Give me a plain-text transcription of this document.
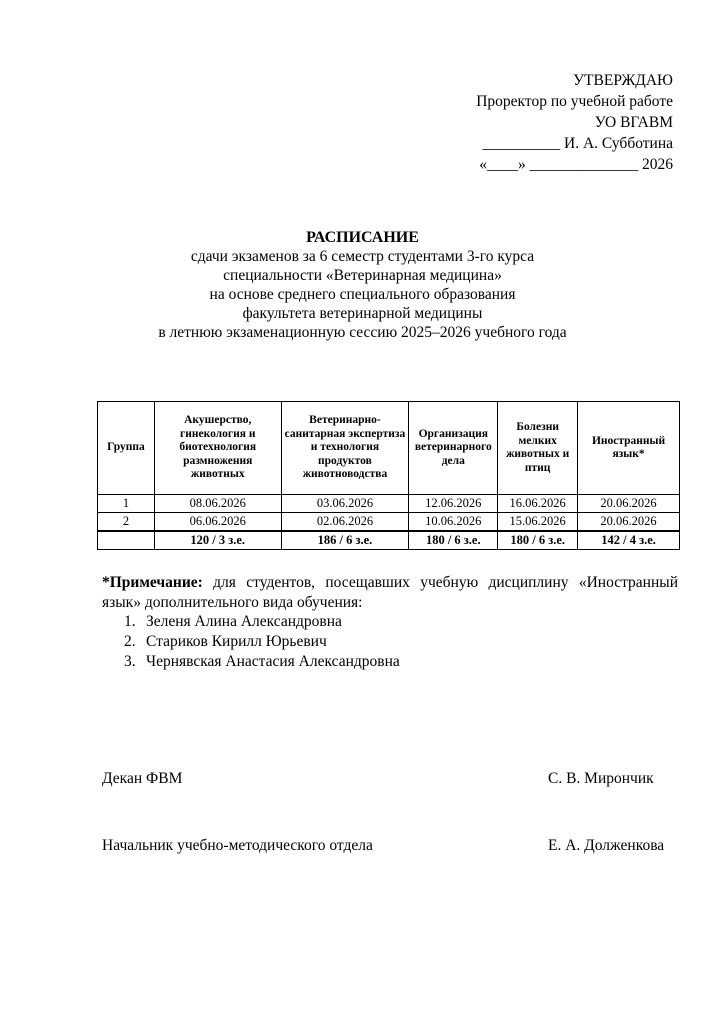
УТВЕРЖДАЮ
Проректор по учебной работе
УО ВГАВМ
__________ И. А. Субботина
«____» ______________ 2026
РАСПИСАНИЕ
сдачи экзаменов за 6 семестр студентами 3-го курса
специальности «Ветеринарная медицина»
на основе среднего специального образования
факультета ветеринарной медицины
в летнюю экзаменационную сессию 2025–2026 учебного года
Группа	Акушерство, гинекология и биотехнология размножения животных	Ветеринарно-санитарная экспертиза и технология продуктов животноводства	Организация ветеринарного дела	Болезни мелких животных и птиц	Иностранный язык*
1	08.06.2026	03.06.2026	12.06.2026	16.06.2026	20.06.2026
2	06.06.2026	02.06.2026	10.06.2026	15.06.2026	20.06.2026
	120 / 3 з.е.	186 / 6 з.е.	180 / 6 з.е.	180 / 6 з.е.	142 / 4 з.е.
*Примечание: для студентов, посещавших учебную дисциплину «Иностранный язык» дополнительного вида обучения:
1. Зеленя Алина Александровна
2. Стариков Кирилл Юрьевич
3. Чернявская Анастасия Александровна
Декан ФВМ	С. В. Мирончик
Начальник учебно-методического отдела	Е. А. Долженкова
